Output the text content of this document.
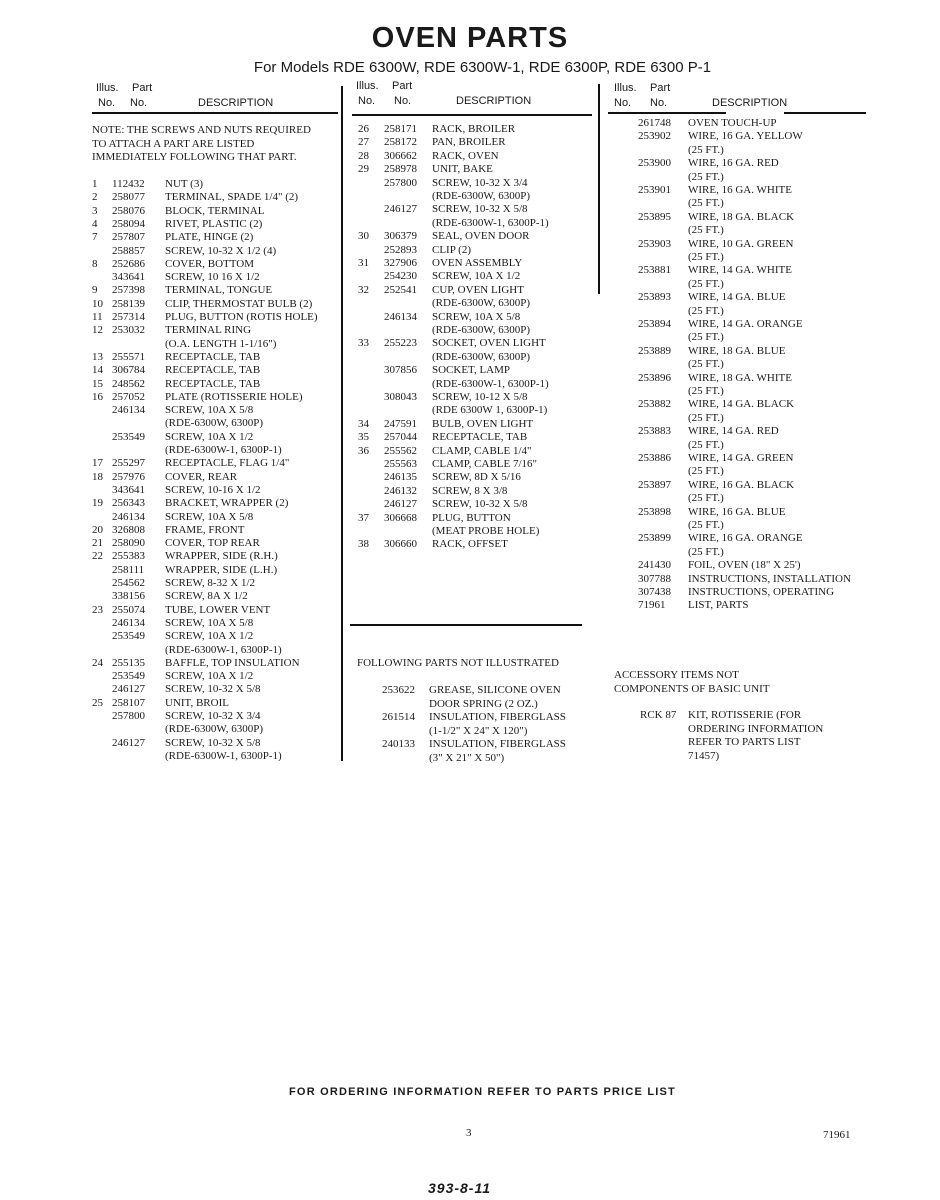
OVEN PARTS
For Models RDE 6300W, RDE 6300W-1, RDE 6300P, RDE 6300 P-1
Illus. Part
No. No.	DESCRIPTION
Illus. Part
No. No.	DESCRIPTION
Illus. Part
No. No.	DESCRIPTION
NOTE: THE SCREWS AND NUTS REQUIRED
TO ATTACH A PART ARE LISTED
IMMEDIATELY FOLLOWING THAT PART.
1 112432 NUT (3)
2 258077 TERMINAL, SPADE 1/4" (2)
3 258076 BLOCK, TERMINAL
4 258094 RIVET, PLASTIC (2)
7 257807 PLATE, HINGE (2)
258857 SCREW, 10-32 X 1/2 (4)
8 252686 COVER, BOTTOM
343641 SCREW, 10 16 X 1/2
9 257398 TERMINAL, TONGUE
10 258139 CLIP, THERMOSTAT BULB (2)
11 257314 PLUG, BUTTON (ROTIS HOLE)
12 253032 TERMINAL RING
(O.A. LENGTH 1-1/16")
13 255571 RECEPTACLE, TAB
14 306784 RECEPTACLE, TAB
15 248562 RECEPTACLE, TAB
16 257052 PLATE (ROTISSERIE HOLE)
246134 SCREW, 10A X 5/8
(RDE-6300W, 6300P)
253549 SCREW, 10A X 1/2
(RDE-6300W-1, 6300P-1)
17 255297 RECEPTACLE, FLAG 1/4"
18 257976 COVER, REAR
343641 SCREW, 10-16 X 1/2
19 256343 BRACKET, WRAPPER (2)
246134 SCREW, 10A X 5/8
20 326808 FRAME, FRONT
21 258090 COVER, TOP REAR
22 255383 WRAPPER, SIDE (R.H.)
258111 WRAPPER, SIDE (L.H.)
254562 SCREW, 8-32 X 1/2
338156 SCREW, 8A X 1/2
23 255074 TUBE, LOWER VENT
246134 SCREW, 10A X 5/8
253549 SCREW, 10A X 1/2
(RDE-6300W-1, 6300P-1)
24 255135 BAFFLE, TOP INSULATION
253549 SCREW, 10A X 1/2
246127 SCREW, 10-32 X 5/8
25 258107 UNIT, BROIL
257800 SCREW, 10-32 X 3/4
(RDE-6300W, 6300P)
246127 SCREW, 10-32 X 5/8
(RDE-6300W-1, 6300P-1)
26 258171 RACK, BROILER
27 258172 PAN, BROILER
28 306662 RACK, OVEN
29 258978 UNIT, BAKE
257800 SCREW, 10-32 X 3/4
(RDE-6300W, 6300P)
246127 SCREW, 10-32 X 5/8
(RDE-6300W-1, 6300P-1)
30 306379 SEAL, OVEN DOOR
252893 CLIP (2)
31 327906 OVEN ASSEMBLY
254230 SCREW, 10A X 1/2
32 252541 CUP, OVEN LIGHT
(RDE-6300W, 6300P)
246134 SCREW, 10A X 5/8
(RDE-6300W, 6300P)
33 255223 SOCKET, OVEN LIGHT
(RDE-6300W, 6300P)
307856 SOCKET, LAMP
(RDE-6300W-1, 6300P-1)
308043 SCREW, 10-12 X 5/8
(RDE 6300W 1, 6300P-1)
34 247591 BULB, OVEN LIGHT
35 257044 RECEPTACLE, TAB
36 255562 CLAMP, CABLE 1/4"
255563 CLAMP, CABLE 7/16"
246135 SCREW, 8D X 5/16
246132 SCREW, 8 X 3/8
246127 SCREW, 10-32 X 5/8
37 306668 PLUG, BUTTON
(MEAT PROBE HOLE)
38 306660 RACK, OFFSET
FOLLOWING PARTS NOT ILLUSTRATED
253622 GREASE, SILICONE OVEN
DOOR SPRING (2 OZ.)
261514 INSULATION, FIBERGLASS
(1-1/2" X 24" X 120")
240133 INSULATION, FIBERGLASS
(3" X 21" X 50")
261748 OVEN TOUCH-UP
253902 WIRE, 16 GA. YELLOW
(25 FT.)
253900 WIRE, 16 GA. RED
(25 FT.)
253901 WIRE, 16 GA. WHITE
(25 FT.)
253895 WIRE, 18 GA. BLACK
(25 FT.)
253903 WIRE, 10 GA. GREEN
(25 FT.)
253881 WIRE, 14 GA. WHITE
(25 FT.)
253893 WIRE, 14 GA. BLUE
(25 FT.)
253894 WIRE, 14 GA. ORANGE
(25 FT.)
253889 WIRE, 18 GA. BLUE
(25 FT.)
253896 WIRE, 18 GA. WHITE
(25 FT.)
253882 WIRE, 14 GA. BLACK
(25 FT.)
253883 WIRE, 14 GA. RED
(25 FT.)
253886 WIRE, 14 GA. GREEN
(25 FT.)
253897 WIRE, 16 GA. BLACK
(25 FT.)
253898 WIRE, 16 GA. BLUE
(25 FT.)
253899 WIRE, 16 GA. ORANGE
(25 FT.)
241430 FOIL, OVEN (18" X 25')
307788 INSTRUCTIONS, INSTALLATION
307438 INSTRUCTIONS, OPERATING
71961 LIST, PARTS
ACCESSORY ITEMS NOT
COMPONENTS OF BASIC UNIT
RCK 87 KIT, ROTISSERIE (FOR
ORDERING INFORMATION
REFER TO PARTS LIST
71457)
FOR ORDERING INFORMATION REFER TO PARTS PRICE LIST
3	71961
393-8-11
